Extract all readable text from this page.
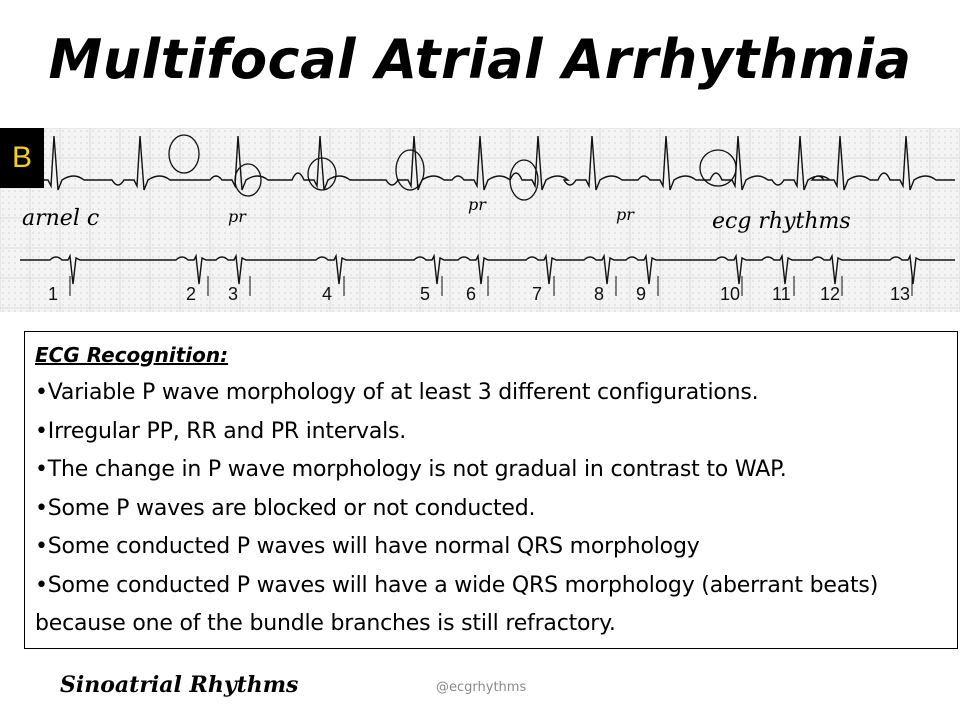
Multifocal Atrial Arrhythmia
arnel c	ecg rhythms
pr
pr
pr
1	2 3	4	5 6	7	8 9	10 11 12	13
B
ECG Recognition:
•Variable P wave morphology of at least 3 different configurations.
•Irregular PP, RR and PR intervals.
•The change in P wave morphology is not gradual in contrast to WAP.
•Some P waves are blocked or not conducted.
•Some conducted P waves will have normal QRS morphology
•Some conducted P waves will have a wide QRS morphology (aberrant beats) because one of the bundle branches is still refractory.
Sinoatrial Rhythms	@ecgrhythms
